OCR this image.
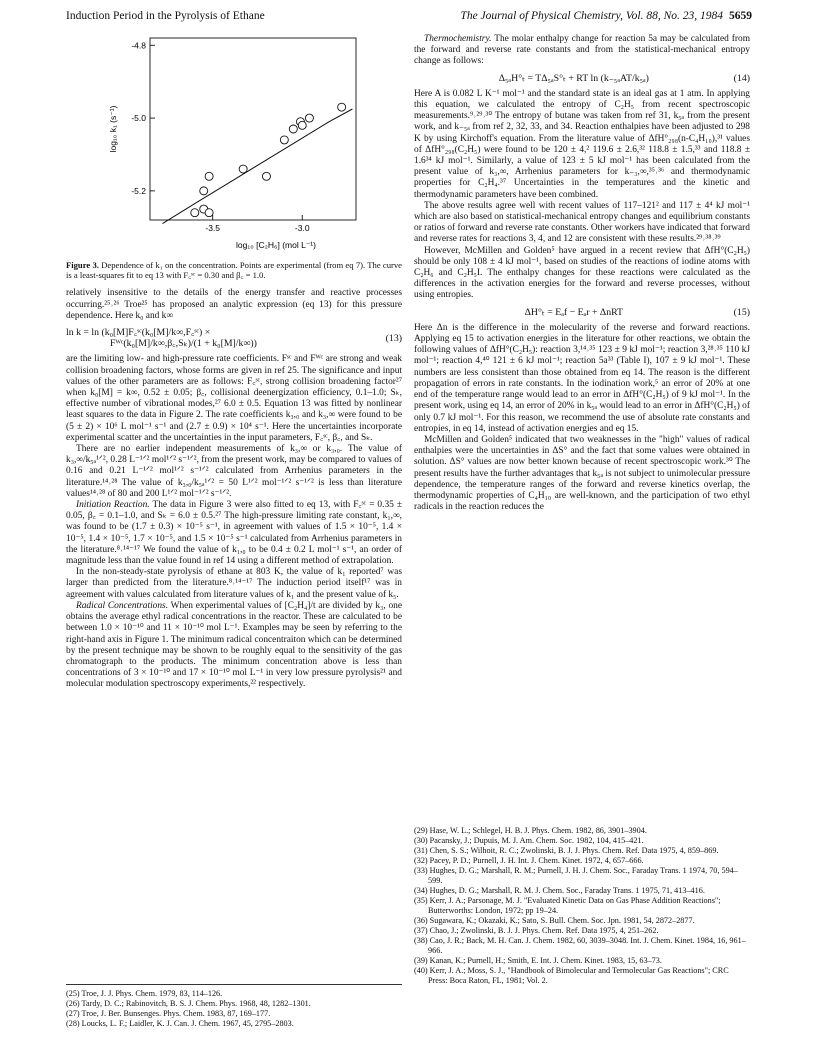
Induction Period in the Pyrolysis of Ethane	The Journal of Physical Chemistry, Vol. 88, No. 23, 1984 5659
-4.8
-5.0
-5.2
-3.5	-3.0
log₁₀ k₁ (s⁻¹)
log₁₀ [C₂H₆] (mol L⁻¹)
Figure 3. Dependence of k₁ on the concentration. Points are experimental (from eq 7). The curve is a least-squares fit to eq 13 with F꜀ˢᶜ = 0.30 and β꜀ = 1.0.

relatively insensitive to the details of the energy transfer and reactive processes occurring.²⁵˒²⁶ Troe²⁵ has proposed an analytic expression (eq 13) for this pressure dependence. Here k₀ and k∞

ln k = ln (k₀[M]F꜀ˢᶜ(k₀[M]/k∞,F꜀ˢᶜ) ×
Fᵂᶜ(k₀[M]/k∞,β꜀,Sₖ)/(1 + k₀[M]/k∞))
(13)

are the limiting low- and high-pressure rate coefficients. Fˢᶜ and Fᵂᶜ are strong and weak collision broadening factors, whose forms are given in ref 25. The significance and input values of the other parameters are as follows: F꜀ˢᶜ, strong collision broadening factor²⁷ when k₀[M] = k∞, 0.52 ± 0.05; β꜀, collisional deenergization efficiency, 0.1–1.0; Sₖ, effective number of vibrational modes,²⁷ 6.0 ± 0.5. Equation 13 was fitted by nonlinear least squares to the data in Figure 2. The rate coefficients k₃,₀ and k₃,∞ were found to be (5 ± 2) × 10⁶ L mol⁻¹ s⁻¹ and (2.7 ± 0.9) × 10⁴ s⁻¹. Here the uncertainties incorporate experimental scatter and the uncertainties in the input parameters, F꜀ˢᶜ, β꜀, and Sₖ.

There are no earlier independent measurements of k₃,∞ or k₃,₀. The value of k₃,∞/k₅ₐ¹ᐟ², 0.28 L⁻¹ᐟ² mol¹ᐟ² s⁻¹ᐟ², from the present work, may be compared to values of 0.16 and 0.21 L⁻¹ᐟ² mol¹ᐟ² s⁻¹ᐟ² calculated from Arrhenius parameters in the literature.¹⁴˒²⁸ The value of k₃,₀/k₅ₐ¹ᐟ² = 50 L¹ᐟ² mol⁻¹ᐟ² s⁻¹ᐟ² is less than literature values¹⁴˒²⁸ of 80 and 200 L¹ᐟ² mol⁻¹ᐟ² s⁻¹ᐟ².

Initiation Reaction. The data in Figure 3 were also fitted to eq 13, with F꜀ˢᶜ = 0.35 ± 0.05, β꜀ = 0.1–1.0, and Sₖ = 6.0 ± 0.5.²⁷ The high-pressure limiting rate constant, k₁,∞, was found to be (1.7 ± 0.3) × 10⁻⁵ s⁻¹, in agreement with values of 1.5 × 10⁻⁵, 1.4 × 10⁻⁵, 1.4 × 10⁻⁵, 1.7 × 10⁻⁵, and 1.5 × 10⁻⁵ s⁻¹ calculated from Arrhenius parameters in the literature.⁸˒¹⁴⁻¹⁷ We found the value of k₁,₀ to be 0.4 ± 0.2 L mol⁻¹ s⁻¹, an order of magnitude less than the value found in ref 14 using a different method of extrapolation.

In the non-steady-state pyrolysis of ethane at 803 K, the value of k₁ reported⁷ was larger than predicted from the literature.⁸˒¹⁴⁻¹⁷ The induction period itself¹⁷ was in agreement with values calculated from literature values of k₁ and the present value of k₅.

Radical Concentrations. When experimental values of [C₂H₄]/t are divided by k₃, one obtains the average ethyl radical concentrations in the reactor. These are calculated to be between 1.0 × 10⁻¹⁰ and 11 × 10⁻¹⁰ mol L⁻¹. Examples may be seen by referring to the right-hand axis in Figure 1. The minimum radical concentraiton which can be determined by the present technique may be shown to be roughly equal to the sensitivity of the gas chromatograph to the products. The minimum concentration above is less than concentrations of 3 × 10⁻¹⁰ and 17 × 10⁻¹⁰ mol L⁻¹ in very low pressure pyrolysis²¹ and molecular modulation spectroscopy experiments,²² respectively.

(25) Troe, J. J. Phys. Chem. 1979, 83, 114–126.

(26) Tardy, D. C.; Rabinovitch, B. S. J. Chem. Phys. 1968, 48, 1282–1301.

(27) Troe, J. Ber. Bunsenges. Phys. Chem. 1983, 87, 169–177.

(28) Loucks, L. F.; Laidler, K. J. Can. J. Chem. 1967, 45, 2795–2803.

Thermochemistry. The molar enthalpy change for reaction 5a may be calculated from the forward and reverse rate constants and from the statistical-mechanical entropy change as follows:

Δ₅ₐH°ₜ = TΔ₅ₐS°ₜ + RT ln (k₋₅ₐAT/k₅ₐ)	(14)

Here A is 0.082 L K⁻¹ mol⁻¹ and the standard state is an ideal gas at 1 atm. In applying this equation, we calculated the entropy of C₂H₅ from recent spectroscopic measurements.⁹˒²⁹˒³⁰ The entropy of butane was taken from ref 31, k₅ₐ from the present work, and k₋₅ₐ from ref 2, 32, 33, and 34. Reaction enthalpies have been adjusted to 298 K by using Kirchoff's equation. From the literature value of ΔfH°₂₉₈(n-C₄H₁₀),³¹ values of ΔfH°₂₉₈(C₂H₅) were found to be 120 ± 4,² 119.6 ± 2.6,³² 118.8 ± 1.5,³³ and 118.8 ± 1.6³⁴ kJ mol⁻¹. Similarly, a value of 123 ± 5 kJ mol⁻¹ has been calculated from the present value of k₃,∞, Arrhenius parameters for k₋₃,∞,³⁵˒³⁶ and thermodynamic properties for C₂H₄.³⁷ Uncertainties in the temperatures and the kinetic and thermodynamic parameters have been combined.

The above results agree well with recent values of 117–121² and 117 ± 4⁴ kJ mol⁻¹ which are also based on statistical-mechanical entropy changes and equilibrium constants or ratios of forward and reverse rate constants. Other workers have indicated that forward and reverse rates for reactions 3, 4, and 12 are consistent with these results.²⁹˒³⁸˒³⁹

However, McMillen and Golden⁵ have argued in a recent review that ΔfH°(C₂H₅) should be only 108 ± 4 kJ mol⁻¹, based on studies of the reactions of iodine atoms with C₂H₆ and C₂H₅I. The enthalpy changes for these reactions were calculated as the differences in the activation energies for the forward and reverse processes, without using entropies.

ΔH°ₜ = Eₐf − Eₐr + ΔnRT	(15)

Here Δn is the difference in the molecularity of the reverse and forward reactions. Applying eq 15 to activation energies in the literature for other reactions, we obtain the following values of ΔfH°(C₂H₅): reaction 3,¹⁴˒³⁵ 123 ± 9 kJ mol⁻¹; reaction 3,²⁸˒³⁵ 110 kJ mol⁻¹; reaction 4,⁴⁰ 121 ± 6 kJ mol⁻¹; reaction 5a³³ (Table I), 107 ± 9 kJ mol⁻¹. These numbers are less consistent than those obtained from eq 14. The reason is the different propagation of errors in rate constants. In the iodination work,⁵ an error of 20% at one end of the temperature range would lead to an error in ΔfH°(C₂H₅) of 9 kJ mol⁻¹. In the present work, using eq 14, an error of 20% in k₅ₐ would lead to an error in ΔfH°(C₂H₅) of only 0.7 kJ mol⁻¹. For this reason, we recommend the use of absolute rate constants and entropies, in eq 14, instead of activation energies and eq 15.

McMillen and Golden⁵ indicated that two weaknesses in the "high" values of radical enthalpies were the uncertainties in ΔS° and the fact that some values were obtained in solution. ΔS° values are now better known because of recent spectroscopic work.³⁰ The present results have the further advantages that k₅ₐ is not subject to unimolecular pressure dependence, the temperature ranges of the forward and reverse kinetics overlap, the thermodynamic properties of C₄H₁₀ are well-known, and the participation of two ethyl radicals in the reaction reduces the

(29) Hase, W. L.; Schlegel, H. B. J. Phys. Chem. 1982, 86, 3901–3904.

(30) Pacansky, J.; Dupuis, M. J. Am. Chem. Soc. 1982, 104, 415–421.

(31) Chen, S. S.; Wilhoit, R. C.; Zwolinski, B. J. J. Phys. Chem. Ref. Data 1975, 4, 859–869.

(32) Pacey, P. D.; Purnell, J. H. Int. J. Chem. Kinet. 1972, 4, 657–666.

(33) Hughes, D. G.; Marshall, R. M.; Purnell, J. H. J. Chem. Soc., Faraday Trans. 1 1974, 70, 594–599.

(34) Hughes, D. G.; Marshall, R. M. J. Chem. Soc., Faraday Trans. 1 1975, 71, 413–416.

(35) Kerr, J. A.; Parsonage, M. J. "Evaluated Kinetic Data on Gas Phase Addition Reactions"; Butterworths: London, 1972; pp 19–24.

(36) Sugawara, K.; Okazaki, K.; Sato, S. Bull. Chem. Soc. Jpn. 1981, 54, 2872–2877.

(37) Chao, J.; Zwolinski, B. J. J. Phys. Chem. Ref. Data 1975, 4, 251–262.

(38) Cao, J. R.; Back, M. H. Can. J. Chem. 1982, 60, 3039–3048. Int. J. Chem. Kinet. 1984, 16, 961–966.

(39) Kanan, K.; Purnell, H.; Smith, E. Int. J. Chem. Kinet. 1983, 15, 63–73.

(40) Kerr, J. A.; Moss, S. J., "Handbook of Bimolecular and Termolecular Gas Reactions"; CRC Press: Boca Raton, FL, 1981; Vol. 2.
